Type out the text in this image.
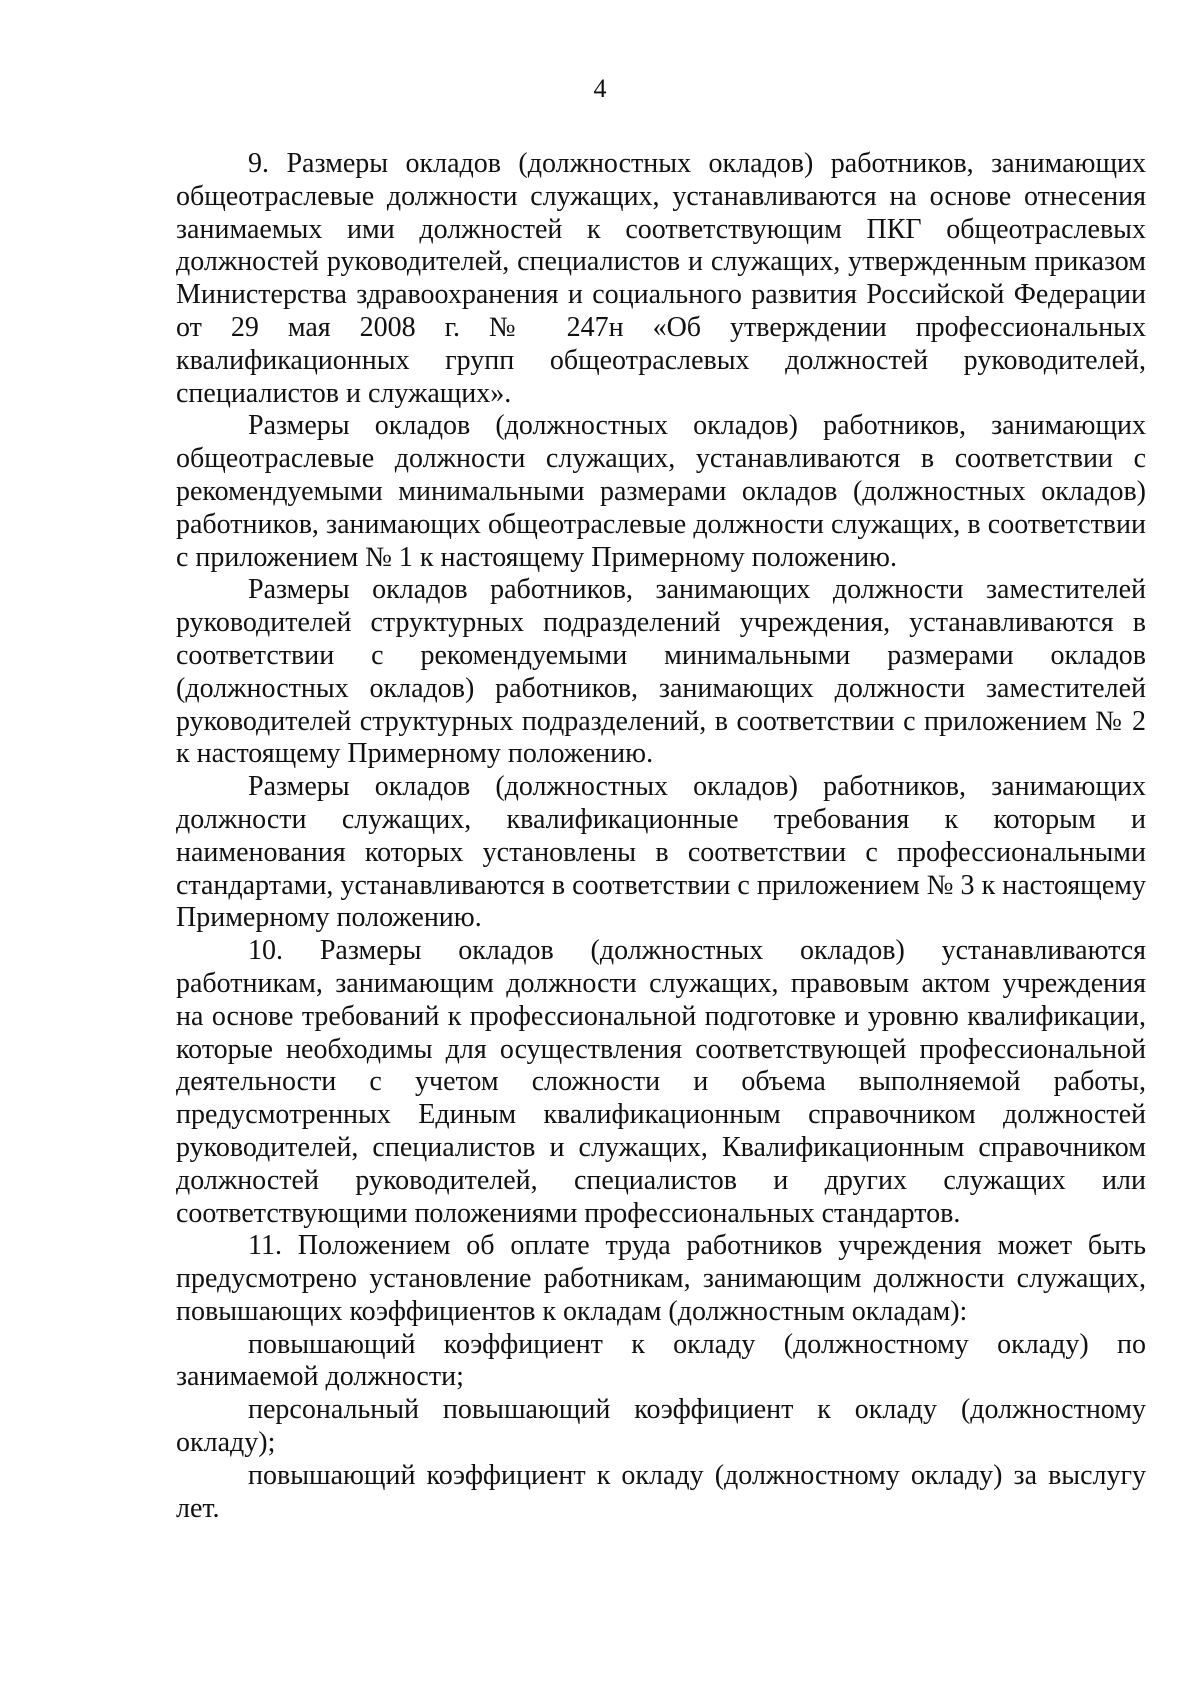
4

9. Размеры окладов (должностных окладов) работников, занимающих общеотраслевые должности служащих, устанавливаются на основе отнесения занимаемых ими должностей к соответствующим ПКГ общеотраслевых должностей руководителей, специалистов и служащих, утвержденным приказом Министерства здравоохранения и социального развития Российской Федерации от 29 мая 2008 г. № 247н «Об утверждении профессиональных квалификационных групп общеотраслевых должностей руководителей, специалистов и служащих».

Размеры окладов (должностных окладов) работников, занимающих общеотраслевые должности служащих, устанавливаются в соответствии с рекомендуемыми минимальными размерами окладов (должностных окладов) работников, занимающих общеотраслевые должности служащих, в соответствии с приложением № 1 к настоящему Примерному положению.

Размеры окладов работников, занимающих должности заместителей руководителей структурных подразделений учреждения, устанавливаются в соответствии с рекомендуемыми минимальными размерами окладов (должностных окладов) работников, занимающих должности заместителей руководителей структурных подразделений, в соответствии с приложением № 2 к настоящему Примерному положению.

Размеры окладов (должностных окладов) работников, занимающих должности служащих, квалификационные требования к которым и наименования которых установлены в соответствии с профессиональными стандартами, устанавливаются в соответствии с приложением № 3 к настоящему Примерному положению.

10. Размеры окладов (должностных окладов) устанавливаются работникам, занимающим должности служащих, правовым актом учреждения на основе требований к профессиональной подготовке и уровню квалификации, которые необходимы для осуществления соответствующей профессиональной деятельности с учетом сложности и объема выполняемой работы, предусмотренных Единым квалификационным справочником должностей руководителей, специалистов и служащих, Квалификационным справочником должностей руководителей, специалистов и других служащих или соответствующими положениями профессиональных стандартов.

11. Положением об оплате труда работников учреждения может быть предусмотрено установление работникам, занимающим должности служащих, повышающих коэффициентов к окладам (должностным окладам):

повышающий коэффициент к окладу (должностному окладу) по занимаемой должности;

персональный повышающий коэффициент к окладу (должностному окладу);

повышающий коэффициент к окладу (должностному окладу) за выслугу лет.
